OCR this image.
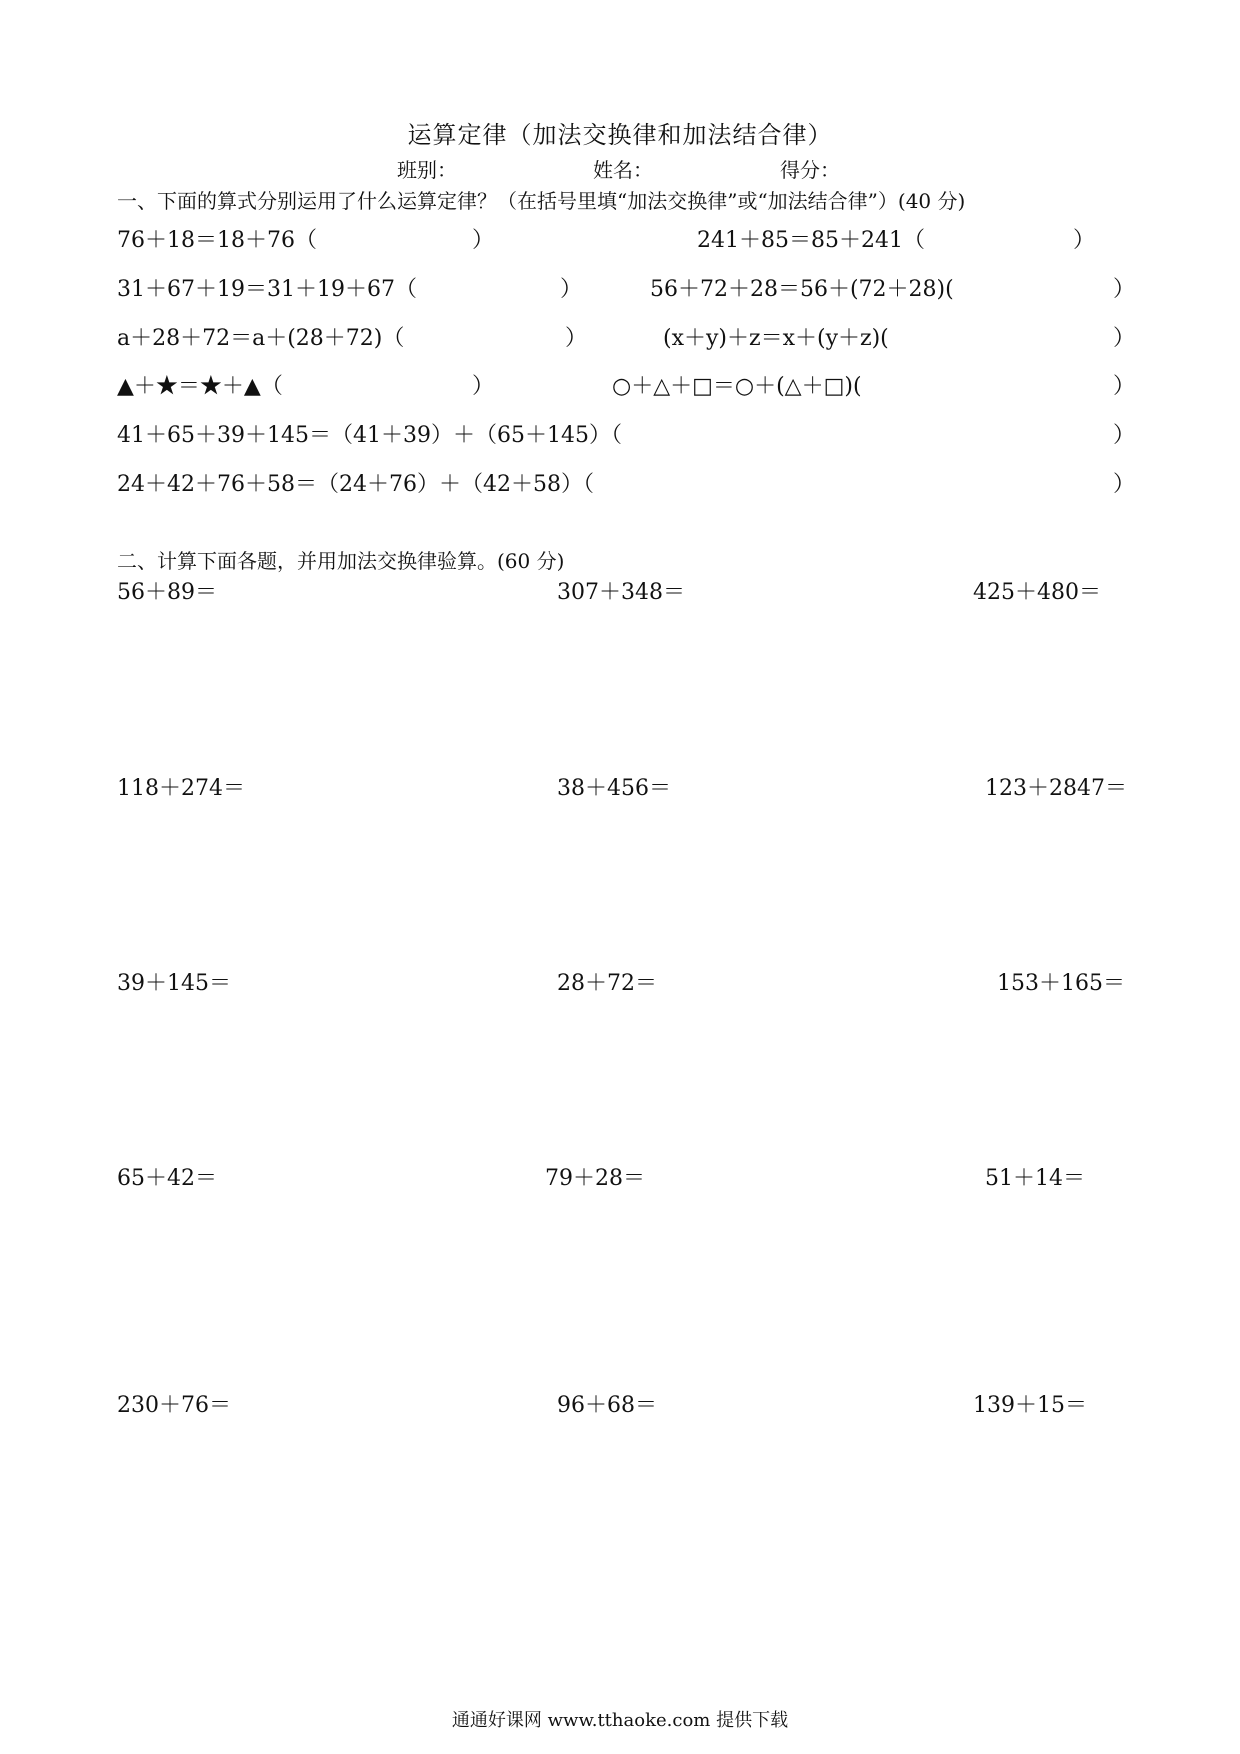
运算定律（加法交换律和加法结合律）
班别：	姓名：	得分：
一、下面的算式分别运用了什么运算定律？（在括号里填“加法交换律”或“加法结合律”）(40 分)
76＋18＝18＋76（	）	241＋85＝85＋241（	）
31＋67＋19＝31＋19＋67（	）	56＋72＋28＝56＋(72＋28)(	）
a＋28＋72＝a＋(28＋72)（	）	(x＋y)＋z＝x＋(y＋z)(	）
▲＋★＝★＋▲（	）	○＋△＋□＝○＋(△＋□)(	）
41＋65＋39＋145＝（41＋39）＋（65＋145）（	）
24＋42＋76＋58＝（24＋76）＋（42＋58）（	）
二、计算下面各题，并用加法交换律验算。(60 分)
56＋89＝	307＋348＝	425＋480＝
118＋274＝	38＋456＝	123＋2847＝
39＋145＝	28＋72＝	153＋165＝
65＋42＝	79＋28＝	51＋14＝
230＋76＝	96＋68＝	139＋15＝
通通好课网 www.tthaoke.com 提供下载
